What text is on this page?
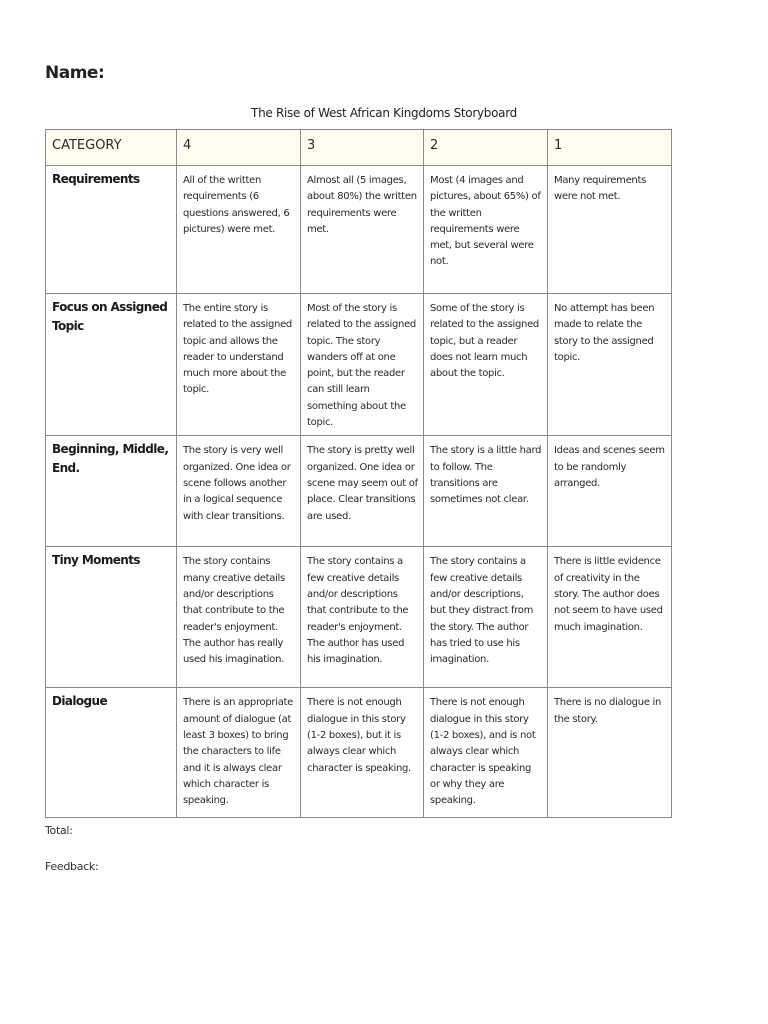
Name:
The Rise of West African Kingdoms Storyboard
CATEGORY	4	3	2	1
Requirements	All of the written requirements (6 questions answered, 6 pictures) were met.	Almost all (5 images, about 80%) the written requirements were met.	Most (4 images and pictures, about 65%) of the written requirements were met, but several were not.	Many requirements were not met.
Focus on Assigned Topic	The entire story is related to the assigned topic and allows the reader to understand much more about the topic.	Most of the story is related to the assigned topic. The story wanders off at one point, but the reader can still learn something about the topic.	Some of the story is related to the assigned topic, but a reader does not learn much about the topic.	No attempt has been made to relate the story to the assigned topic.
Beginning, Middle, End.	The story is very well organized. One idea or scene follows another in a logical sequence with clear transitions.	The story is pretty well organized. One idea or scene may seem out of place. Clear transitions are used.	The story is a little hard to follow. The transitions are sometimes not clear.	Ideas and scenes seem to be randomly arranged.
Tiny Moments	The story contains many creative details and/or descriptions that contribute to the reader's enjoyment. The author has really used his imagination.	The story contains a few creative details and/or descriptions that contribute to the reader's enjoyment. The author has used his imagination.	The story contains a few creative details and/or descriptions, but they distract from the story. The author has tried to use his imagination.	There is little evidence of creativity in the story. The author does not seem to have used much imagination.
Dialogue	There is an appropriate amount of dialogue (at least 3 boxes) to bring the characters to life and it is always clear which character is speaking.	There is not enough dialogue in this story (1-2 boxes), but it is always clear which character is speaking.	There is not enough dialogue in this story (1-2 boxes), and is not always clear which character is speaking or why they are speaking.	There is no dialogue in the story.
Total:
Feedback:
